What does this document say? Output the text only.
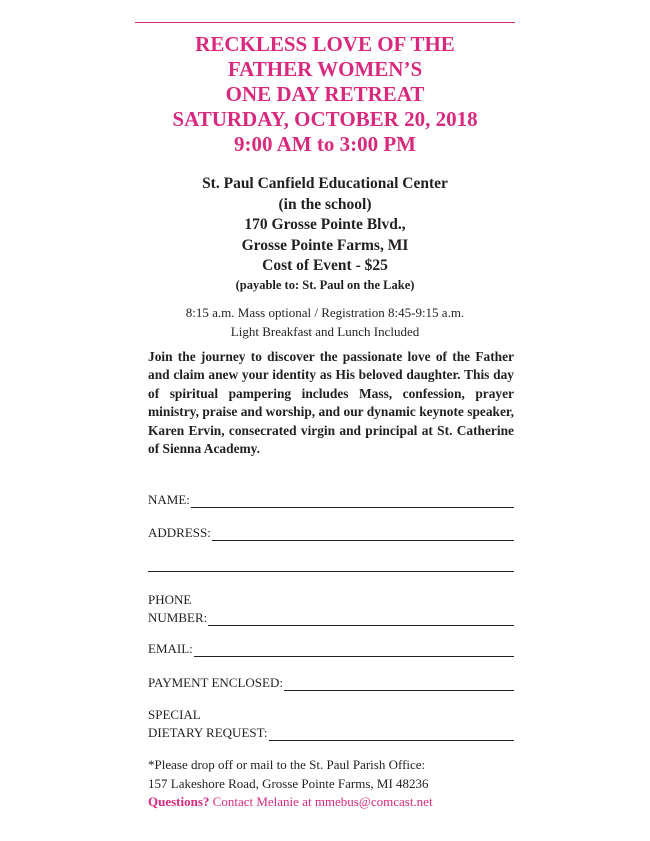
RECKLESS LOVE OF THE
FATHER WOMEN’S
ONE DAY RETREAT
SATURDAY, OCTOBER 20, 2018
9:00 AM to 3:00 PM
St. Paul Canfield Educational Center
(in the school)
170 Grosse Pointe Blvd.,
Grosse Pointe Farms, MI
Cost of Event - $25
(payable to: St. Paul on the Lake)
8:15 a.m. Mass optional / Registration 8:45-9:15 a.m.
Light Breakfast and Lunch Included

Join the journey to discover the passionate love of the Father and claim anew your identity as His beloved daughter. This day of spiritual pampering includes Mass, confession, prayer ministry, praise and worship, and our dynamic keynote speaker, Karen Ervin, consecrated virgin and principal at St. Catherine of Sienna Academy.

NAME:
ADDRESS:
PHONE
NUMBER:
EMAIL:
PAYMENT ENCLOSED:
SPECIAL
DIETARY REQUEST:
*Please drop off or mail to the St. Paul Parish Office:
157 Lakeshore Road, Grosse Pointe Farms, MI 48236
Questions? Contact Melanie at mmebus@comcast.net
